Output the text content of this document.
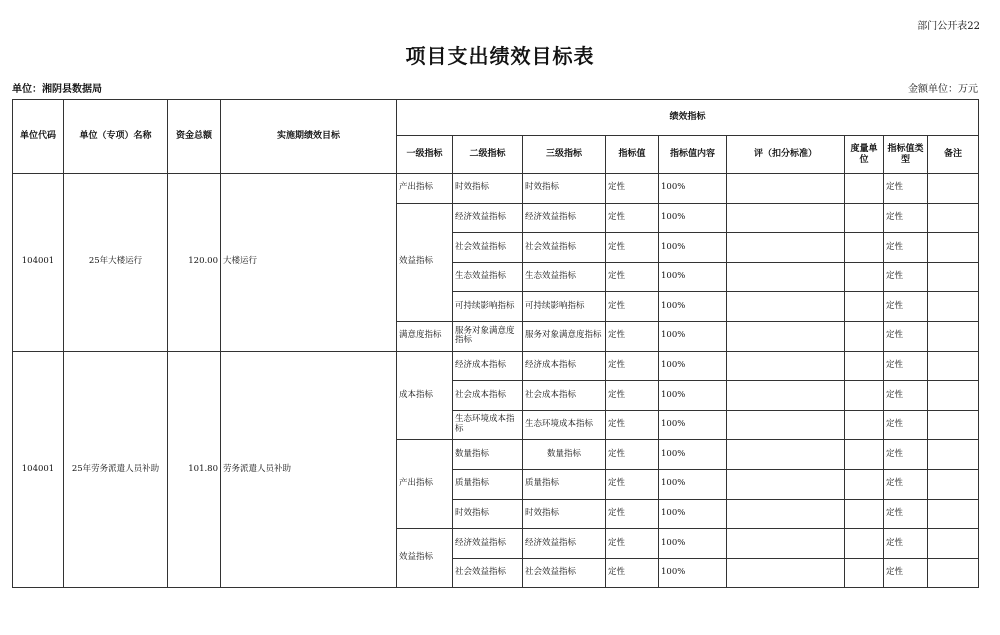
部门公开表22
项目支出绩效目标表
单位：湘阴县数据局	金额单位：万元
单位代码	单位（专项）名称	资金总额	实施期绩效目标	绩效指标								
				一级指标	二级指标	三级指标	指标值	指标值内容	评（扣分标准）	度量单位	指标值类型	备注
104001	25年大楼运行	120.00	大楼运行	产出指标	时效指标	时效指标	定性	100%			定性	
				效益指标	经济效益指标	经济效益指标	定性	100%			定性	
					社会效益指标	社会效益指标	定性	100%			定性	
					生态效益指标	生态效益指标	定性	100%			定性	
					可持续影响指标	可持续影响指标	定性	100%			定性	
				满意度指标	服务对象满意度指标	服务对象满意度指标	定性	100%			定性	
104001	25年劳务派遣人员补助	101.80	劳务派遣人员补助	成本指标	经济成本指标	经济成本指标	定性	100%			定性	
					社会成本指标	社会成本指标	定性	100%			定性	
					生态环境成本指标	生态环境成本指标	定性	100%			定性	
				产出指标	数量指标	数量指标	定性	100%			定性	
					质量指标	质量指标	定性	100%			定性	
					时效指标	时效指标	定性	100%			定性	
				效益指标	经济效益指标	经济效益指标	定性	100%			定性	
					社会效益指标	社会效益指标	定性	100%			定性	
